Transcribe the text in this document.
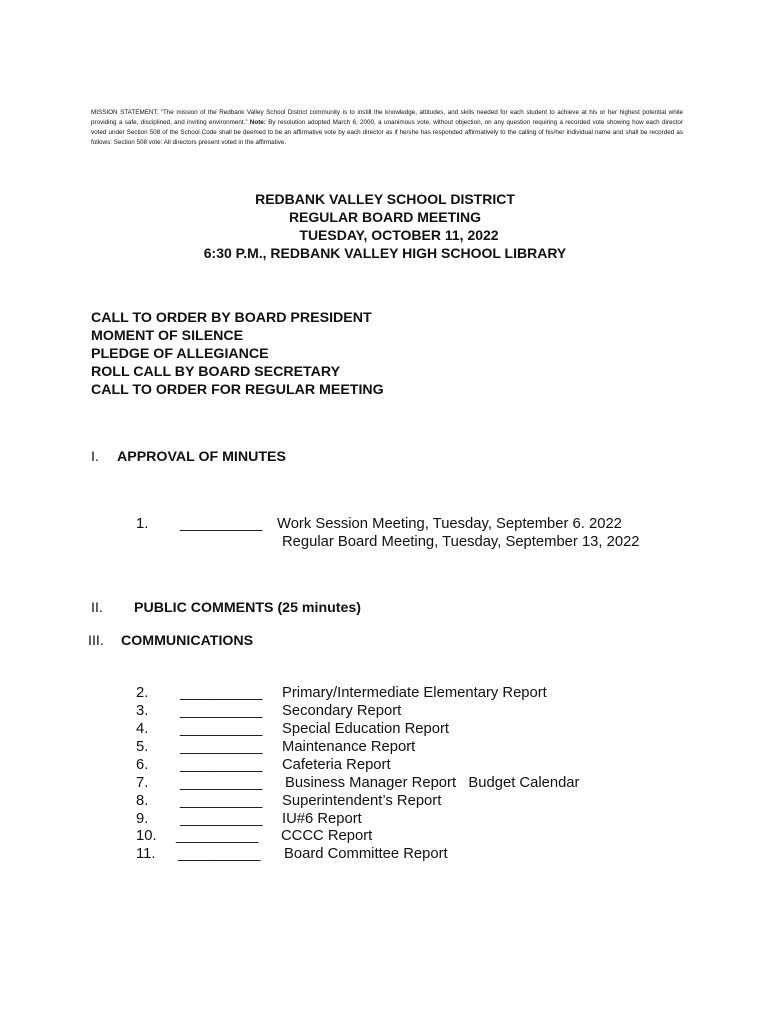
MISSION STATEMENT: “The mission of the Redbank Valley School District community is to instill the knowledge, attitudes, and skills needed for each student to achieve at his or her highest potential while providing a safe, disciplined, and inviting environment.” Note: By resolution adopted March 6, 2000, a unanimous vote, without objection, on any question requiring a recorded vote showing how each director voted under Section 508 of the School Code shall be deemed to be an affirmative vote by each director as if he/she has responded affirmatively to the calling of his/her individual name and shall be recorded as follows: Section 508 vote: All directors present voted in the affirmative.
REDBANK VALLEY SCHOOL DISTRICT
REGULAR BOARD MEETING
TUESDAY, OCTOBER 11, 2022
6:30 P.M., REDBANK VALLEY HIGH SCHOOL LIBRARY
CALL TO ORDER BY BOARD PRESIDENT
MOMENT OF SILENCE
PLEDGE OF ALLEGIANCE
ROLL CALL BY BOARD SECRETARY
CALL TO ORDER FOR REGULAR MEETING
I. APPROVAL OF MINUTES
1. __________ Work Session Meeting, Tuesday, September 6. 2022
Regular Board Meeting, Tuesday, September 13, 2022
II. PUBLIC COMMENTS (25 minutes)
III. COMMUNICATIONS
2. __________ Primary/Intermediate Elementary Report
3. __________ Secondary Report
4. __________ Special Education Report
5. __________ Maintenance Report
6. __________ Cafeteria Report
7. __________ Business Manager Report   Budget Calendar
8. __________ Superintendent’s Report
9. __________ IU#6 Report
10. __________ CCCC Report
11. __________ Board Committee Report
